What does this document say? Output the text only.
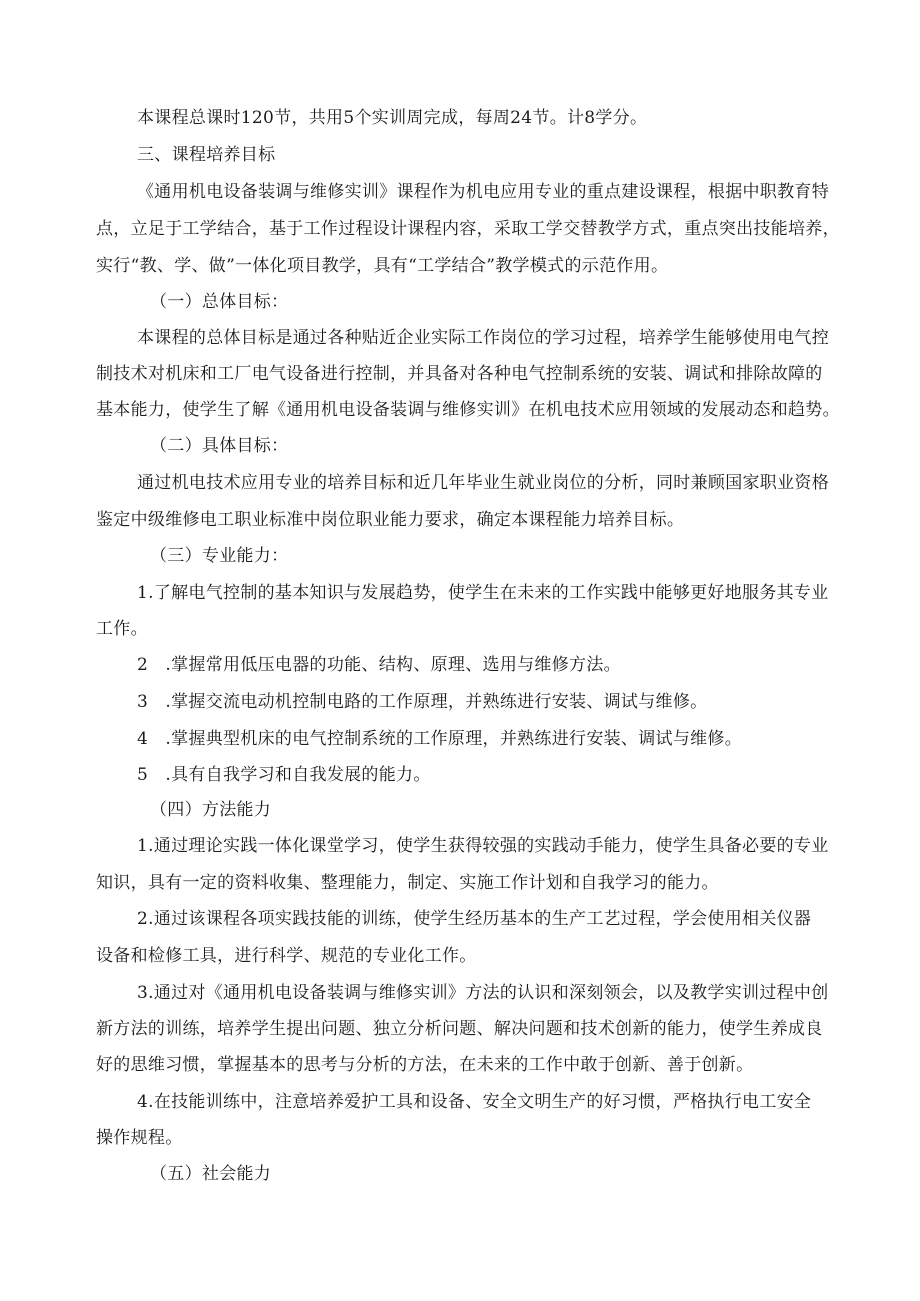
本课程总课时120节，共用5个实训周完成，每周24节。计8学分。
三、课程培养目标
《通用机电设备装调与维修实训》课程作为机电应用专业的重点建设课程，根据中职教育特
点，立足于工学结合，基于工作过程设计课程内容，采取工学交替教学方式，重点突出技能培养，
实行“教、学、做”一体化项目教学，具有“工学结合”教学模式的示范作用。
（一）总体目标：
本课程的总体目标是通过各种贴近企业实际工作岗位的学习过程，培养学生能够使用电气控
制技术对机床和工厂电气设备进行控制，并具备对各种电气控制系统的安装、调试和排除故障的
基本能力，使学生了解《通用机电设备装调与维修实训》在机电技术应用领域的发展动态和趋势。
（二）具体目标：
通过机电技术应用专业的培养目标和近几年毕业生就业岗位的分析，同时兼顾国家职业资格
鉴定中级维修电工职业标准中岗位职业能力要求，确定本课程能力培养目标。
（三）专业能力：
1.了解电气控制的基本知识与发展趋势，使学生在未来的工作实践中能够更好地服务其专业
工作。
2　.掌握常用低压电器的功能、结构、原理、选用与维修方法。
3　.掌握交流电动机控制电路的工作原理，并熟练进行安装、调试与维修。
4　.掌握典型机床的电气控制系统的工作原理，并熟练进行安装、调试与维修。
5　.具有自我学习和自我发展的能力。
（四）方法能力
1.通过理论实践一体化课堂学习，使学生获得较强的实践动手能力，使学生具备必要的专业
知识，具有一定的资料收集、整理能力，制定、实施工作计划和自我学习的能力。
2.通过该课程各项实践技能的训练，使学生经历基本的生产工艺过程，学会使用相关仪器
设备和检修工具，进行科学、规范的专业化工作。
3.通过对《通用机电设备装调与维修实训》方法的认识和深刻领会，以及教学实训过程中创
新方法的训练，培养学生提出问题、独立分析问题、解决问题和技术创新的能力，使学生养成良
好的思维习惯，掌握基本的思考与分析的方法，在未来的工作中敢于创新、善于创新。
4.在技能训练中，注意培养爱护工具和设备、安全文明生产的好习惯，严格执行电工安全
操作规程。
（五）社会能力
